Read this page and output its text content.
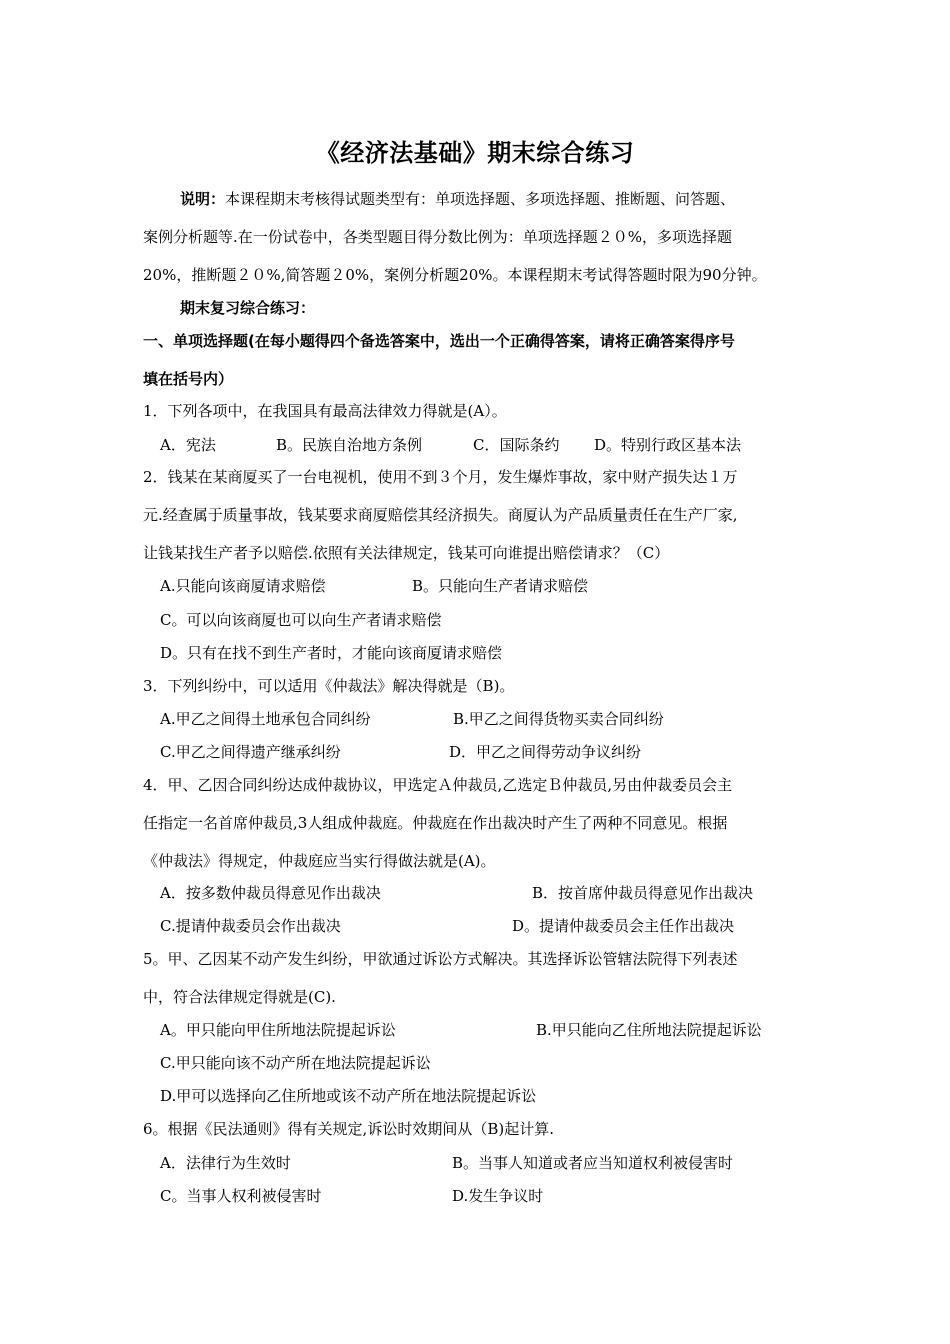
《经济法基础》期末综合练习
说明：本课程期末考核得试题类型有：单项选择题、多项选择题、推断题、问答题、
案例分析题等.在一份试卷中，各类型题目得分数比例为：单项选择题２０%，多项选择题
20%，推断题２０%,简答题２0%，案例分析题20%。本课程期末考试得答题时限为90分钟。
期末复习综合练习：
一、单项选择题(在每小题得四个备选答案中，选出一个正确得答案，请将正确答案得序号
填在括号内）
1．下列各项中，在我国具有最高法律效力得就是(A）。
A．宪法	B。民族自治地方条例	C．国际条约 D。特别行政区基本法
2．钱某在某商厦买了一台电视机，使用不到３个月，发生爆炸事故，家中财产损失达１万
元.经查属于质量事故，钱某要求商厦赔偿其经济损失。商厦认为产品质量责任在生产厂家,
让钱某找生产者予以赔偿.依照有关法律规定，钱某可向谁提出赔偿请求？（C）
A.只能向该商厦请求赔偿	B。只能向生产者请求赔偿
C。可以向该商厦也可以向生产者请求赔偿
D。只有在找不到生产者时，才能向该商厦请求赔偿
3．下列纠纷中，可以适用《仲裁法》解决得就是（B)。
A.甲乙之间得土地承包合同纠纷	B.甲乙之间得货物买卖合同纠纷
C.甲乙之间得遗产继承纠纷	D．甲乙之间得劳动争议纠纷
4．甲、乙因合同纠纷达成仲裁协议，甲选定Ａ仲裁员,乙选定Ｂ仲裁员,另由仲裁委员会主
任指定一名首席仲裁员,3人组成仲裁庭。仲裁庭在作出裁决时产生了两种不同意见。根据
《仲裁法》得规定，仲裁庭应当实行得做法就是(A)。
A．按多数仲裁员得意见作出裁决	B．按首席仲裁员得意见作出裁决
C.提请仲裁委员会作出裁决	D。提请仲裁委员会主任作出裁决
5。甲、乙因某不动产发生纠纷，甲欲通过诉讼方式解决。其选择诉讼管辖法院得下列表述
中，符合法律规定得就是(C).
A。甲只能向甲住所地法院提起诉讼	B.甲只能向乙住所地法院提起诉讼
C.甲只能向该不动产所在地法院提起诉讼
D.甲可以选择向乙住所地或该不动产所在地法院提起诉讼
6。根据《民法通则》得有关规定,诉讼时效期间从（B)起计算.
A．法律行为生效时	B。当事人知道或者应当知道权利被侵害时
C。当事人权利被侵害时	D.发生争议时
